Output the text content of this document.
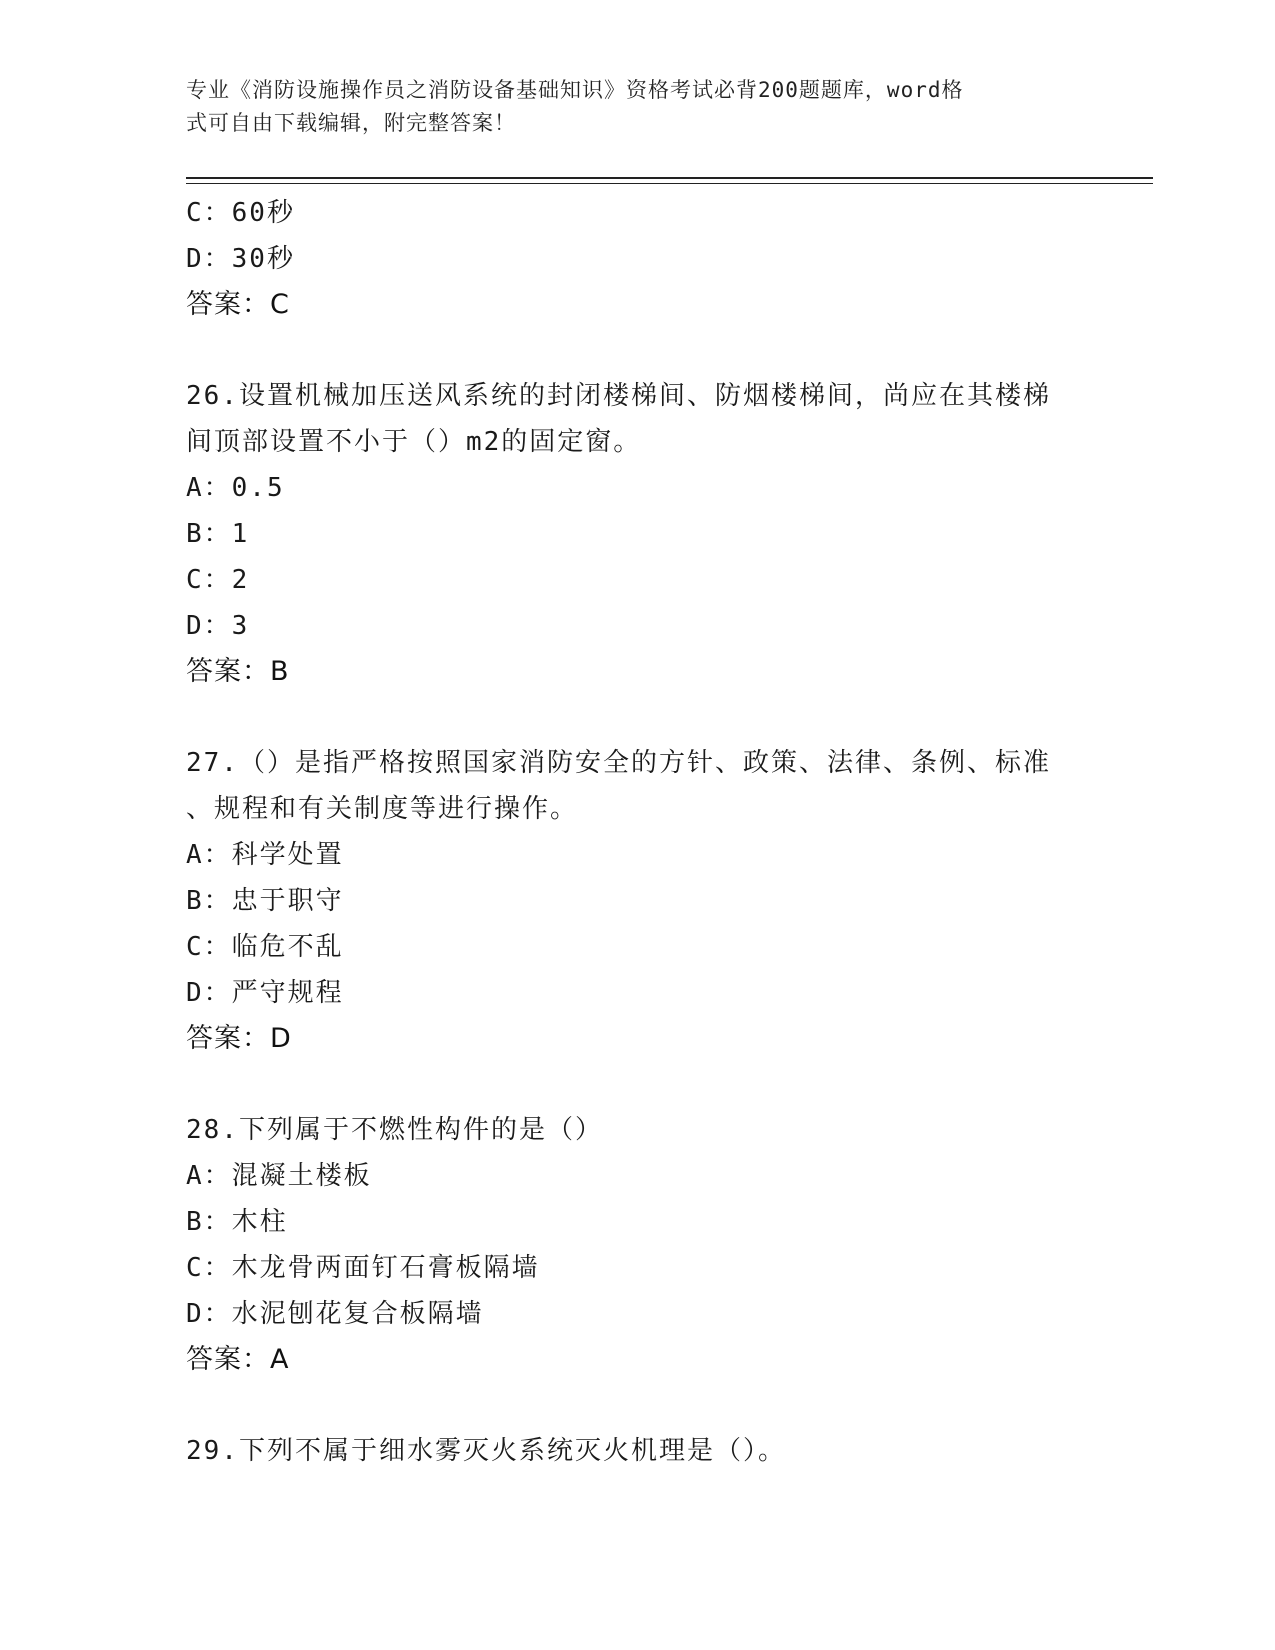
专业《消防设施操作员之消防设备基础知识》资格考试必背200题题库，word格
式可自由下载编辑，附完整答案！
C：60秒
D：30秒
答案：C
26.设置机械加压送风系统的封闭楼梯间、防烟楼梯间，尚应在其楼梯
间顶部设置不小于（）m2的固定窗。
A：0.5
B：1
C：2
D：3
答案：B
27.（）是指严格按照国家消防安全的方针、政策、法律、条例、标准
、规程和有关制度等进行操作。
A：科学处置
B：忠于职守
C：临危不乱
D：严守规程
答案：D
28.下列属于不燃性构件的是（）
A：混凝土楼板
B：木柱
C：木龙骨两面钉石膏板隔墙
D：水泥刨花复合板隔墙
答案：A
29.下列不属于细水雾灭火系统灭火机理是（）。
